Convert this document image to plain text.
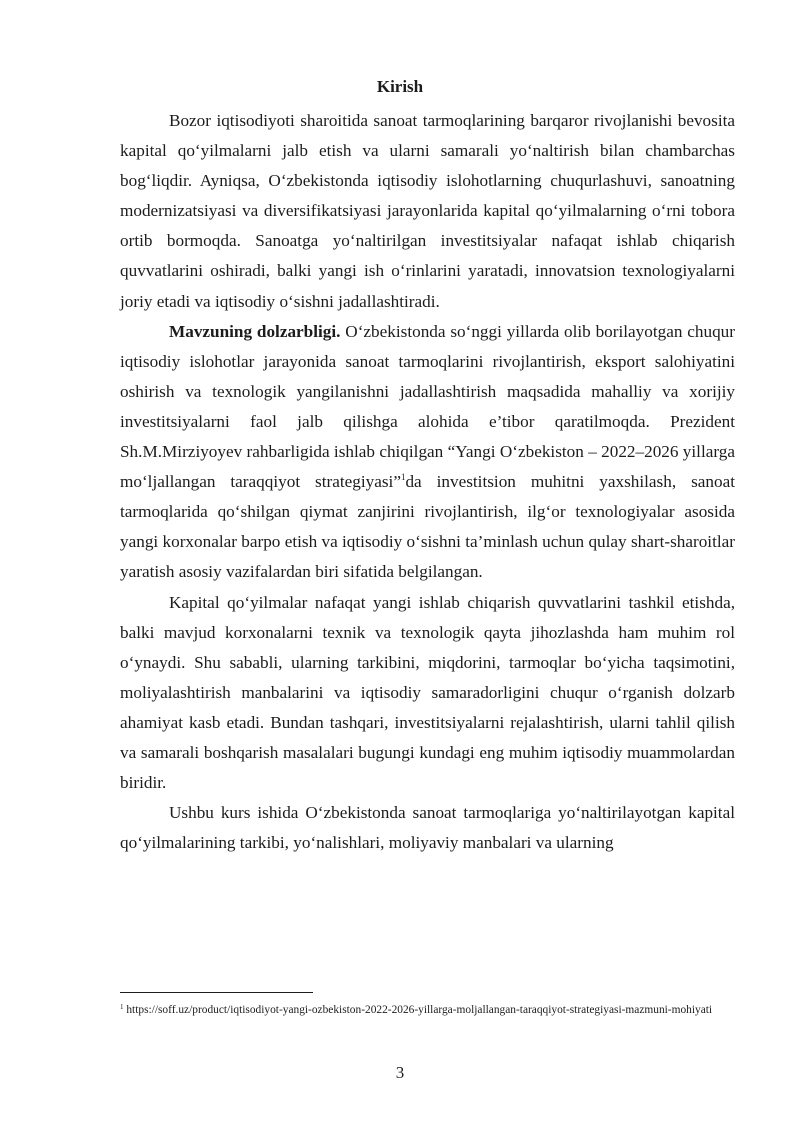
Kirish

Bozor iqtisodiyoti sharoitida sanoat tarmoqlarining barqaror rivojlanishi bevosita kapital qo‘yilmalarni jalb etish va ularni samarali yo‘naltirish bilan chambarchas bog‘liqdir. Ayniqsa, O‘zbekistonda iqtisodiy islohotlarning chuqurlashuvi, sanoatning modernizatsiyasi va diversifikatsiyasi jarayonlarida kapital qo‘yilmalarning o‘rni tobora ortib bormoqda. Sanoatga yo‘naltirilgan investitsiyalar nafaqat ishlab chiqarish quvvatlarini oshiradi, balki yangi ish o‘rinlarini yaratadi, innovatsion texnologiyalarni joriy etadi va iqtisodiy o‘sishni jadallashtiradi.

Mavzuning dolzarbligi. O‘zbekistonda so‘nggi yillarda olib borilayotgan chuqur iqtisodiy islohotlar jarayonida sanoat tarmoqlarini rivojlantirish, eksport salohiyatini oshirish va texnologik yangilanishni jadallashtirish maqsadida mahalliy va xorijiy investitsiyalarni faol jalb qilishga alohida e’tibor qaratilmoqda. Prezident Sh.M.Mirziyoyev rahbarligida ishlab chiqilgan “Yangi O‘zbekiston – 2022–2026 yillarga mo‘ljallangan taraqqiyot strategiyasi”$^1$da investitsion muhitni yaxshilash, sanoat tarmoqlarida qo‘shilgan qiymat zanjirini rivojlantirish, ilg‘or texnologiyalar asosida yangi korxonalar barpo etish va iqtisodiy o‘sishni ta’minlash uchun qulay shart-sharoitlar yaratish asosiy vazifalardan biri sifatida belgilangan.

Kapital qo‘yilmalar nafaqat yangi ishlab chiqarish quvvatlarini tashkil etishda, balki mavjud korxonalarni texnik va texnologik qayta jihozlashda ham muhim rol o‘ynaydi. Shu sababli, ularning tarkibini, miqdorini, tarmoqlar bo‘yicha taqsimotini, moliyalashtirish manbalarini va iqtisodiy samaradorligini chuqur o‘rganish dolzarb ahamiyat kasb etadi. Bundan tashqari, investitsiyalarni rejalashtirish, ularni tahlil qilish va samarali boshqarish masalalari bugungi kundagi eng muhim iqtisodiy muammolardan biridir.

Ushbu kurs ishida O‘zbekistonda sanoat tarmoqlariga yo‘naltirilayotgan kapital qo‘yilmalarining tarkibi, yo‘nalishlari, moliyaviy manbalari va ularning

$^1$ https://soff.uz/product/iqtisodiyot-yangi-ozbekiston-2022-2026-yillarga-moljallangan-taraqqiyot-strategiyasi-mazmuni-mohiyati
3
